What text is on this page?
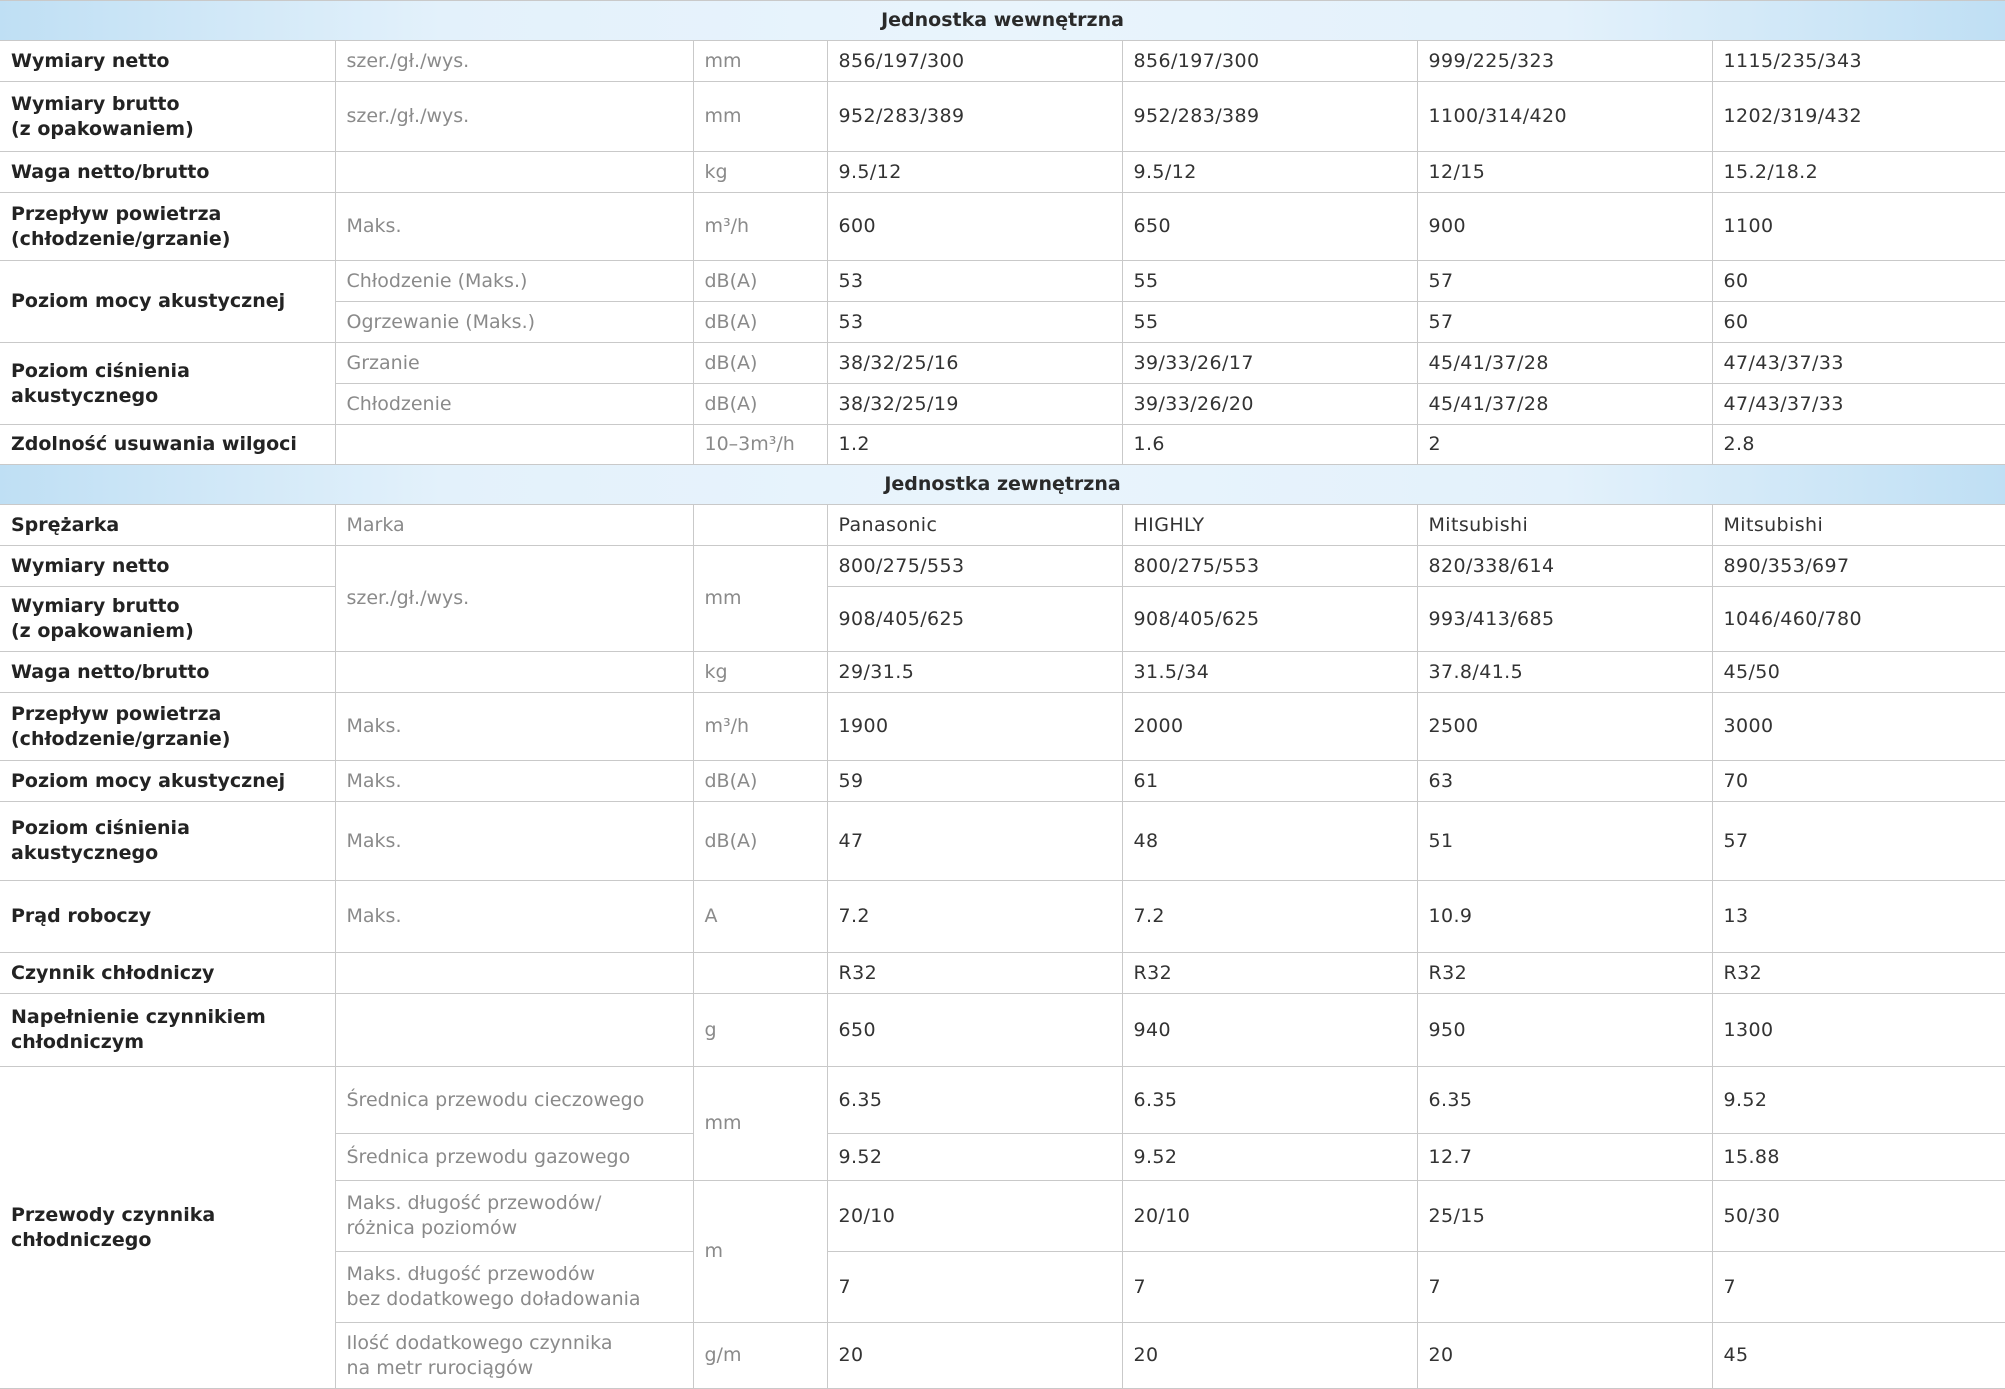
Jednostka wewnętrzna						
Wymiary netto	szer./gł./wys.	mm	856/197/300	856/197/300	999/225/323	1115/235/343
Wymiary brutto
(z opakowaniem)	szer./gł./wys.	mm	952/283/389	952/283/389	1100/314/420	1202/319/432
Waga netto/brutto		kg	9.5/12	9.5/12	12/15	15.2/18.2
Przepływ powietrza
(chłodzenie/grzanie)	Maks.	m³/h	600	650	900	1100
Poziom mocy akustycznej	Chłodzenie (Maks.)	dB(A)	53	55	57	60
	Ogrzewanie (Maks.)	dB(A)	53	55	57	60
Poziom ciśnienia
akustycznego	Grzanie	dB(A)	38/32/25/16	39/33/26/17	45/41/37/28	47/43/37/33
	Chłodzenie	dB(A)	38/32/25/19	39/33/26/20	45/41/37/28	47/43/37/33
Zdolność usuwania wilgoci		10–3m³/h	1.2	1.6	2	2.8
Jednostka zewnętrzna						
Sprężarka	Marka		Panasonic	HIGHLY	Mitsubishi	Mitsubishi
Wymiary netto	szer./gł./wys.	mm	800/275/553	800/275/553	820/338/614	890/353/697
Wymiary brutto
(z opakowaniem)			908/405/625	908/405/625	993/413/685	1046/460/780
Waga netto/brutto		kg	29/31.5	31.5/34	37.8/41.5	45/50
Przepływ powietrza
(chłodzenie/grzanie)	Maks.	m³/h	1900	2000	2500	3000
Poziom mocy akustycznej	Maks.	dB(A)	59	61	63	70
Poziom ciśnienia
akustycznego	Maks.	dB(A)	47	48	51	57
Prąd roboczy	Maks.	A	7.2	7.2	10.9	13
Czynnik chłodniczy			R32	R32	R32	R32
Napełnienie czynnikiem
chłodniczym		g	650	940	950	1300
Przewody czynnika
chłodniczego	Średnica przewodu cieczowego	mm	6.35	6.35	6.35	9.52
	Średnica przewodu gazowego		9.52	9.52	12.7	15.88
	Maks. długość przewodów/
różnica poziomów	m	20/10	20/10	25/15	50/30
	Maks. długość przewodów
bez dodatkowego doładowania		7	7	7	7
	Ilość dodatkowego czynnika
na metr rurociągów	g/m	20	20	20	45
